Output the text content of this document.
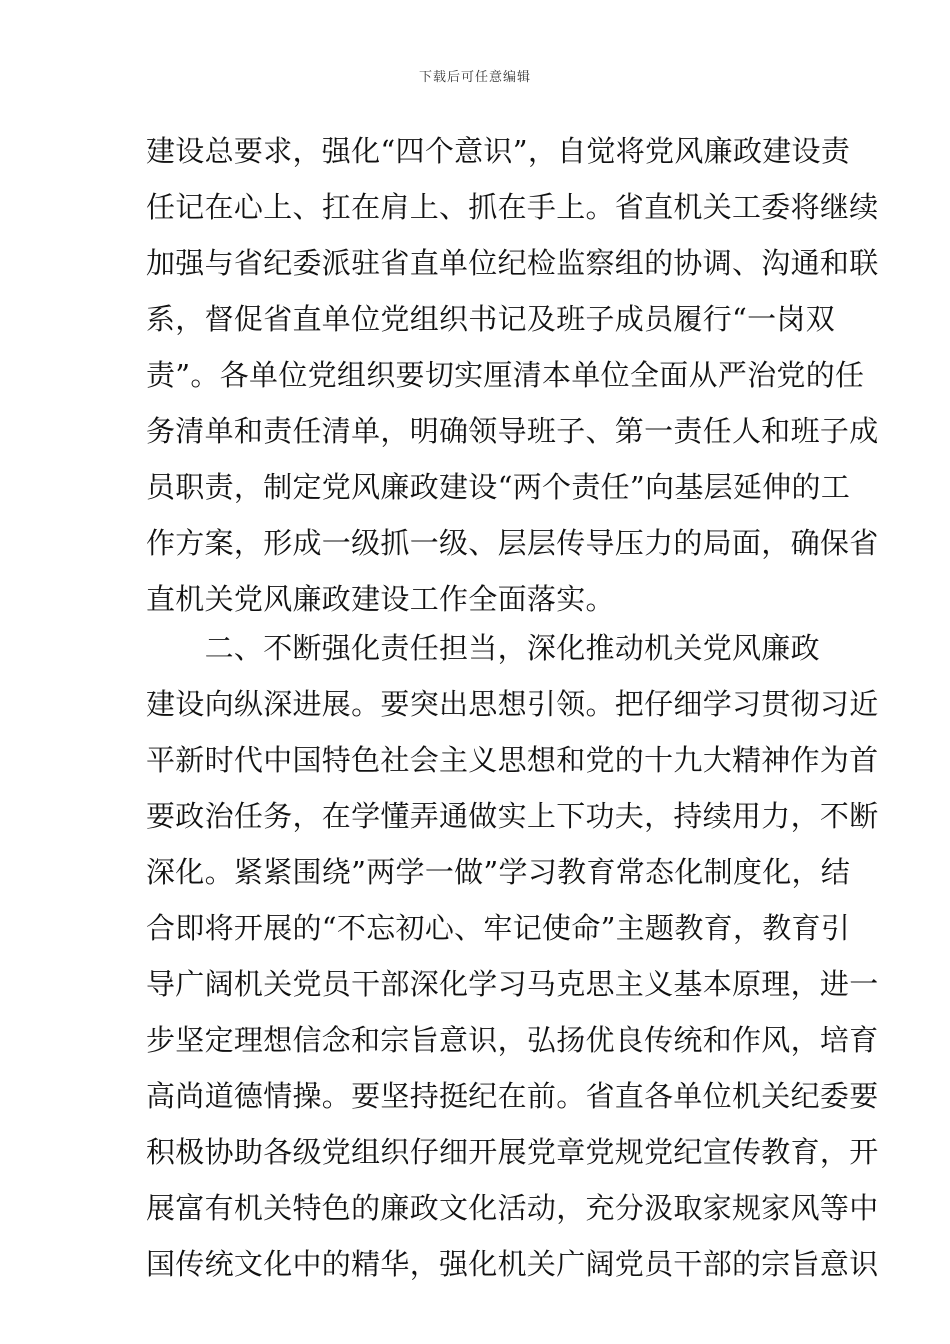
下载后可任意编辑
建设总要求，强化“四个意识”，自觉将党风廉政建设责
任记在心上、扛在肩上、抓在手上。省直机关工委将继续
加强与省纪委派驻省直单位纪检监察组的协调、沟通和联
系，督促省直单位党组织书记及班子成员履行“一岗双
责”。各单位党组织要切实厘清本单位全面从严治党的任
务清单和责任清单，明确领导班子、第一责任人和班子成
员职责，制定党风廉政建设“两个责任”向基层延伸的工
作方案，形成一级抓一级、层层传导压力的局面，确保省
直机关党风廉政建设工作全面落实。
　　二、不断强化责任担当，深化推动机关党风廉政
建设向纵深进展。要突出思想引领。把仔细学习贯彻习近
平新时代中国特色社会主义思想和党的十九大精神作为首
要政治任务，在学懂弄通做实上下功夫，持续用力，不断
深化。紧紧围绕”两学一做”学习教育常态化制度化，结
合即将开展的“不忘初心、牢记使命”主题教育，教育引
导广阔机关党员干部深化学习马克思主义基本原理，进一
步坚定理想信念和宗旨意识，弘扬优良传统和作风，培育
高尚道德情操。要坚持挺纪在前。省直各单位机关纪委要
积极协助各级党组织仔细开展党章党规党纪宣传教育，开
展富有机关特色的廉政文化活动，充分汲取家规家风等中
国传统文化中的精华，强化机关广阔党员干部的宗旨意识
